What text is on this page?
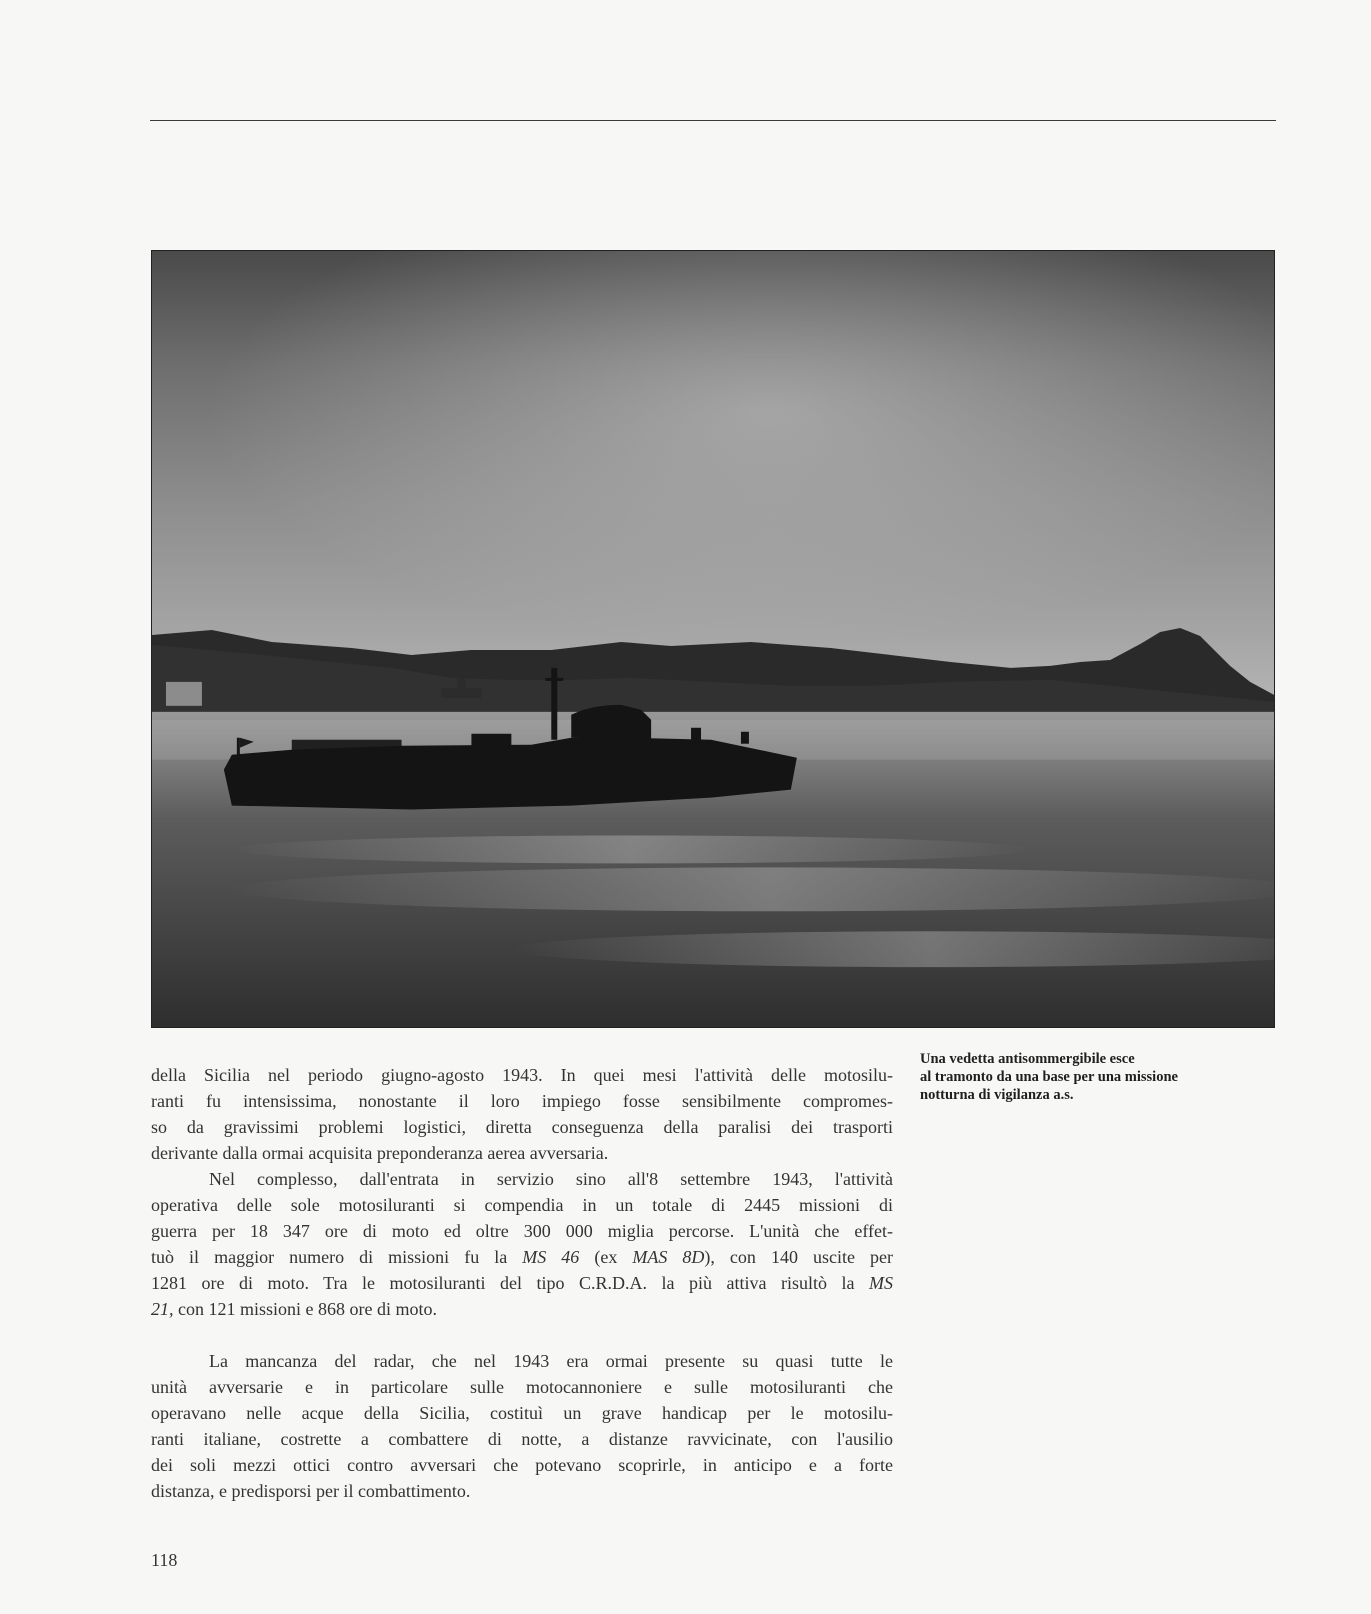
Una vedetta antisommergibile esce
al tramonto da una base per una missione
notturna di vigilanza a.s.

della Sicilia nel periodo giugno-agosto 1943. In quei mesi l'attività delle motosilu-
ranti fu intensissima, nonostante il loro impiego fosse sensibilmente compromes-
so da gravissimi problemi logistici, diretta conseguenza della paralisi dei trasporti
derivante dalla ormai acquisita preponderanza aerea avversaria.

Nel complesso, dall'entrata in servizio sino all'8 settembre 1943, l'attività
operativa delle sole motosiluranti si compendia in un totale di 2445 missioni di
guerra per 18 347 ore di moto ed oltre 300 000 miglia percorse. L'unità che effet-
tuò il maggior numero di missioni fu la MS 46 (ex MAS 8D), con 140 uscite per
1281 ore di moto. Tra le motosiluranti del tipo C.R.D.A. la più attiva risultò la MS
21, con 121 missioni e 868 ore di moto.

La mancanza del radar, che nel 1943 era ormai presente su quasi tutte le
unità avversarie e in particolare sulle motocannoniere e sulle motosiluranti che
operavano nelle acque della Sicilia, costituì un grave handicap per le motosilu-
ranti italiane, costrette a combattere di notte, a distanze ravvicinate, con l'ausilio
dei soli mezzi ottici contro avversari che potevano scoprirle, in anticipo e a forte
distanza, e predisporsi per il combattimento.

118
